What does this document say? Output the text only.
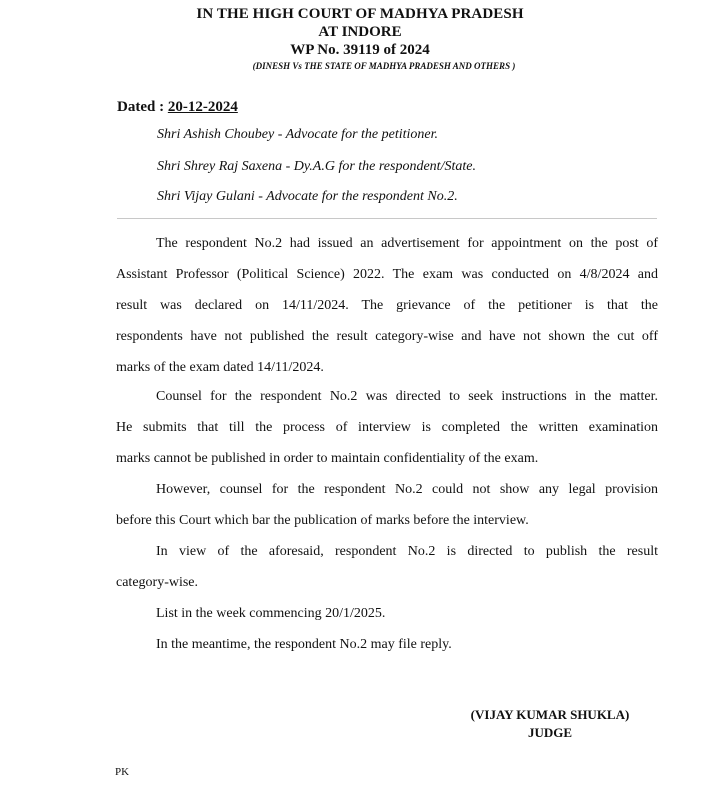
IN THE HIGH COURT OF MADHYA PRADESH
AT INDORE
WP No. 39119 of 2024
(DINESH Vs THE STATE OF MADHYA PRADESH AND OTHERS )
Dated : 20-12-2024
Shri Ashish Choubey - Advocate for the petitioner.
Shri Shrey Raj Saxena - Dy.A.G for the respondent/State.
Shri Vijay Gulani - Advocate for the respondent No.2.
The respondent No.2 had issued an advertisement for appointment on the post of
Assistant Professor (Political Science) 2022. The exam was conducted on 4/8/2024 and
result was declared on 14/11/2024. The grievance of the petitioner is that the
respondents have not published the result category-wise and have not shown the cut off
marks of the exam dated 14/11/2024.
Counsel for the respondent No.2 was directed to seek instructions in the matter.
He submits that till the process of interview is completed the written examination
marks cannot be published in order to maintain confidentiality of the exam.
However, counsel for the respondent No.2 could not show any legal provision
before this Court which bar the publication of marks before the interview.
In view of the aforesaid, respondent No.2 is directed to publish the result
category-wise.
List in the week commencing 20/1/2025.
In the meantime, the respondent No.2 may file reply.
(VIJAY KUMAR SHUKLA)
JUDGE
PK
